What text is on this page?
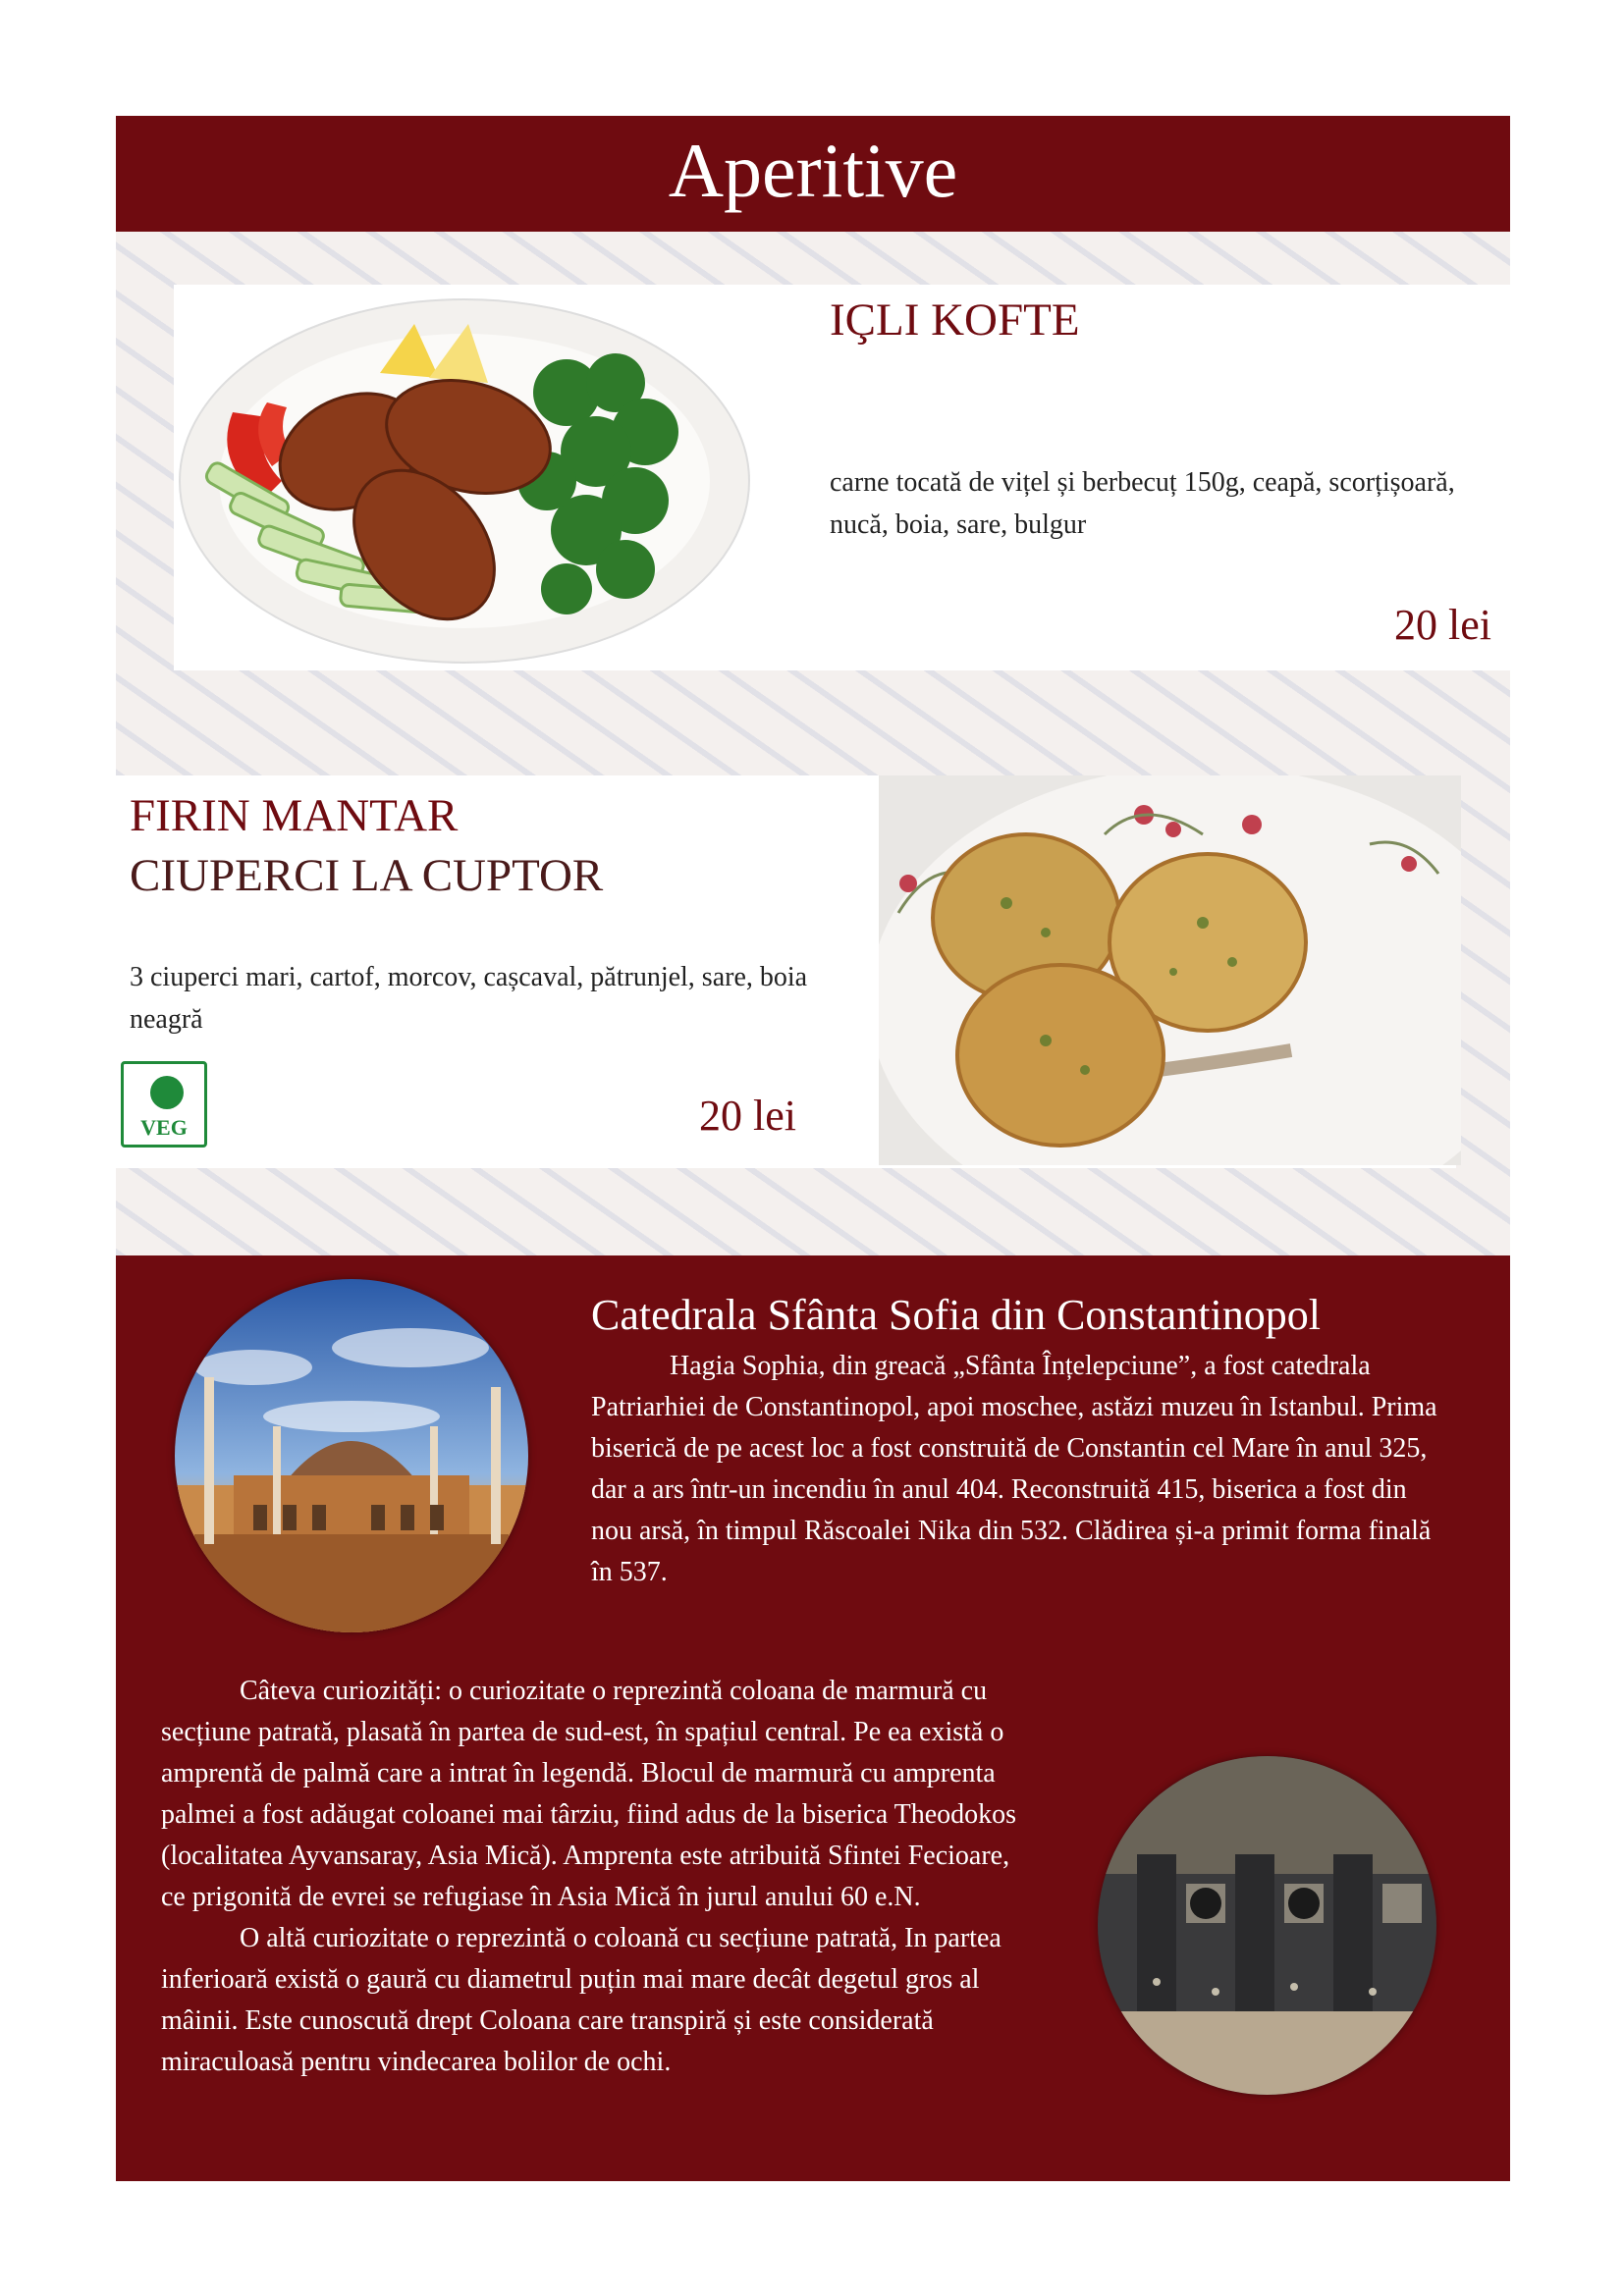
Aperitive
IÇLI KOFTE
carne tocată de vițel și berbecuț 150g, ceapă, scorțișoară, nucă, boia, sare, bulgur
20 lei
FIRIN MANTAR
CIUPERCI LA CUPTOR
3 ciuperci mari, cartof, morcov, cașcaval, pătrunjel, sare, boia neagră
20 lei
VEG
Catedrala Sfânta Sofia din Constantinopol

Hagia Sophia, din greacă „Sfânta Înțelepciune”, a fost catedrala Patriarhiei de Constantinopol, apoi moschee, astăzi muzeu în Istanbul. Prima biserică de pe acest loc a fost construită de Constantin cel Mare în anul 325, dar a ars într-un incendiu în anul 404. Reconstruită 415, biserica a fost din nou arsă, în timpul Răscoalei Nika din 532. Clădirea și-a primit forma finală în 537.

Câteva curiozități: o curiozitate o reprezintă coloana de marmură cu secțiune patrată, plasată în partea de sud-est, în spațiul central. Pe ea există o amprentă de palmă care a intrat în legendă. Blocul de marmură cu amprenta palmei a fost adăugat coloanei mai târziu, fiind adus de la biserica Theodokos (localitatea Ayvansaray, Asia Mică). Amprenta este atribuită Sfintei Fecioare, ce prigonită de evrei se refugiase în Asia Mică în jurul anului 60 e.N.

O altă curiozitate o reprezintă o coloană cu secțiune patrată, In partea inferioară există o gaură cu diametrul puțin mai mare decât degetul gros al mâinii. Este cunoscută drept Coloana care transpiră și este considerată miraculoasă pentru vindecarea bolilor de ochi.
